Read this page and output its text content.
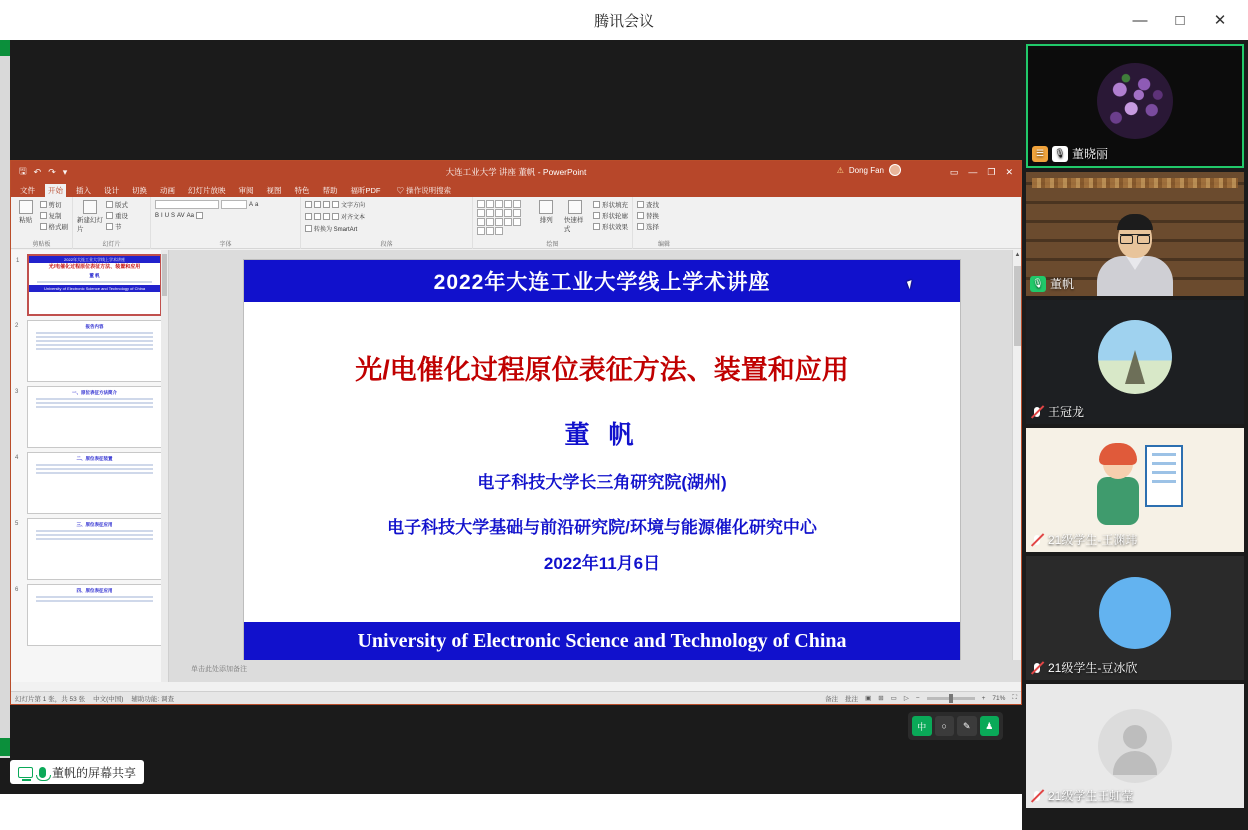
腾讯会议	—	□	✕
🖫 ↶ ↷ ▾	大连工业大学 讲座 董帆 - PowerPoint	⚠ Dong Fan	▭ — ❐ ✕
文件	开始	插入	设计	切换	动画	幻灯片放映	审阅	视图	特色	帮助	福昕PDF	♡ 操作说明搜索
粘贴
剪切
复制
格式刷
剪贴板
新建幻灯片
版式
重设
节
幻灯片
A a
B I U S AV Aa
字体
文字方向
对齐文本
转换为 SmartArt
段落
排列 快速样式
形状填充
形状轮廓
形状效果
绘图
查找
替换
选择
编辑
1	2022年大连工业大学线上学术讲座
光/电催化过程原位表征方法、装置和应用
董 帆
University of Electronic Science and Technology of China
2	报告内容
3	一、原位表征方法简介
4	二、原位表征装置
5	三、原位表征应用
6	四、原位表征应用
2022年大连工业大学线上学术讲座
光/电催化过程原位表征方法、装置和应用
董 帆
电子科技大学长三角研究院(湖州)
电子科技大学基础与前沿研究院/环境与能源催化研究中心
2022年11月6日
University of Electronic Science and Technology of China
▲
单击此处添加备注
幻灯片第 1 张，共 53 张 中文(中国) 辅助功能: 调查	备注 批注 ▣ ⊞ ▭ ▷ −	+ 71% ⛶
中	○	✎	♟
董帆的屏幕共享
☰	🎙 董晓丽
🎙 董帆
王冠龙
21级学生-王渊玮
21级学生-豆冰欣
21级学生王虹莹
